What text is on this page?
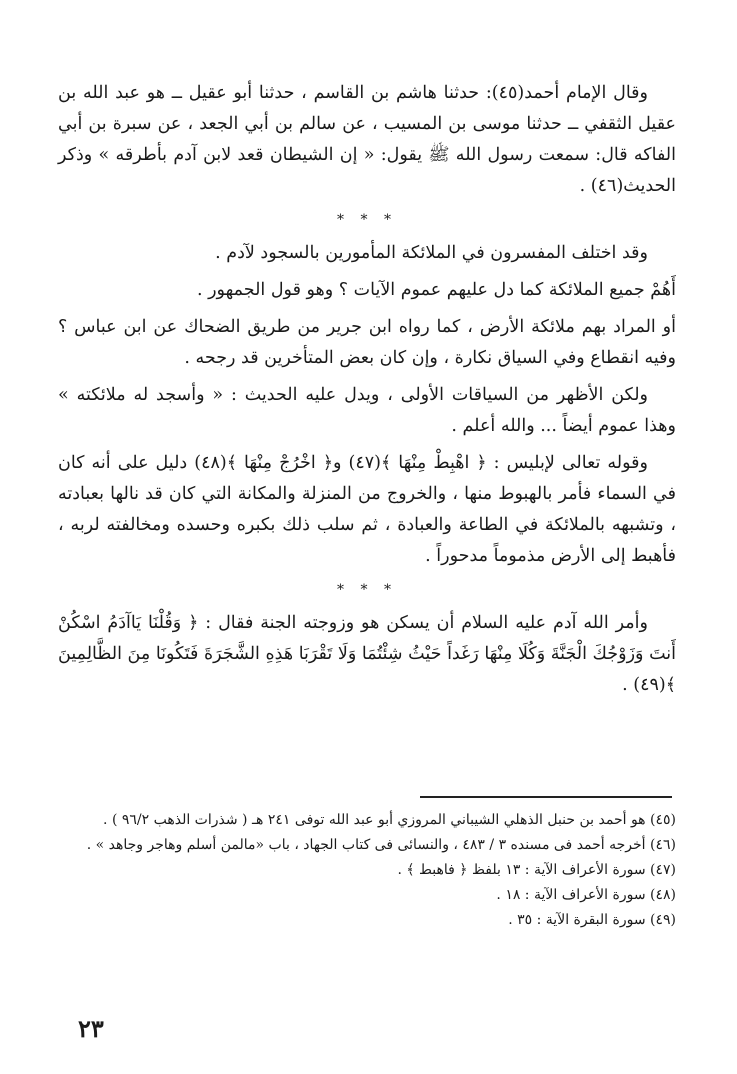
وقال الإمام أحمد(٤٥): حدثنا هاشم بن القاسم ، حدثنا أبو عقيل ــ هو عبد الله بن عقيل الثقفي ــ حدثنا موسى بن المسيب ، عن سالم بن أبي الجعد ، عن سبرة بن أبي الفاكه قال: سمعت رسول الله ﷺ يقول: « إن الشيطان قعد لابن آدم بأطرقه » وذكر الحديث(٤٦) .

* * *

وقد اختلف المفسرون في الملائكة المأمورين بالسجود لآدم .

أَهُمْ جميع الملائكة كما دل عليهم عموم الآيات ؟ وهو قول الجمهور .

أو المراد بهم ملائكة الأرض ، كما رواه ابن جرير من طريق الضحاك عن ابن عباس ؟ وفيه انقطاع وفي السياق نكارة ، وإن كان بعض المتأخرين قد رجحه .

ولكن الأظهر من السياقات الأولى ، ويدل عليه الحديث : « وأسجد له ملائكته » وهذا عموم أيضاً ... والله أعلم .

وقوله تعالى لإبليس : ﴿ اهْبِطْ مِنْهَا ﴾(٤٧) و﴿ اخْرُجْ مِنْهَا ﴾(٤٨) دليل على أنه كان في السماء فأمر بالهبوط منها ، والخروج من المنزلة والمكانة التي كان قد نالها بعبادته ، وتشبهه بالملائكة في الطاعة والعبادة ، ثم سلب ذلك بكبره وحسده ومخالفته لربه ، فأهبط إلى الأرض مذموماً مدحوراً .

* * *

وأمر الله آدم عليه السلام أن يسكن هو وزوجته الجنة فقال : ﴿ وَقُلْنَا يَاآدَمُ اسْكُنْ أَنتَ وَزَوْجُكَ الْجَنَّةَ وَكُلَا مِنْهَا رَغَداً حَيْثُ شِئْتُمَا وَلَا تَقْرَبَا هَذِهِ الشَّجَرَةَ فَتَكُونَا مِنَ الظَّالِمِينَ ﴾(٤٩) .

(٤٥) هو أحمد بن حنبل الذهلي الشيباني المروزي أبو عبد الله توفى ٢٤١ هـ ( شذرات الذهب ٩٦/٢ ) .

(٤٦) أخرجه أحمد فى مسنده ٣ / ٤٨٣ ، والنسائى فى كتاب الجهاد ، باب «مالمن أسلم وهاجر وجاهد » .

(٤٧) سورة الأعراف الآية : ١٣ بلفظ ﴿ فاهبط ﴾ .

(٤٨) سورة الأعراف الآية : ١٨ .

(٤٩) سورة البقرة الآية : ٣٥ .

٢٣
